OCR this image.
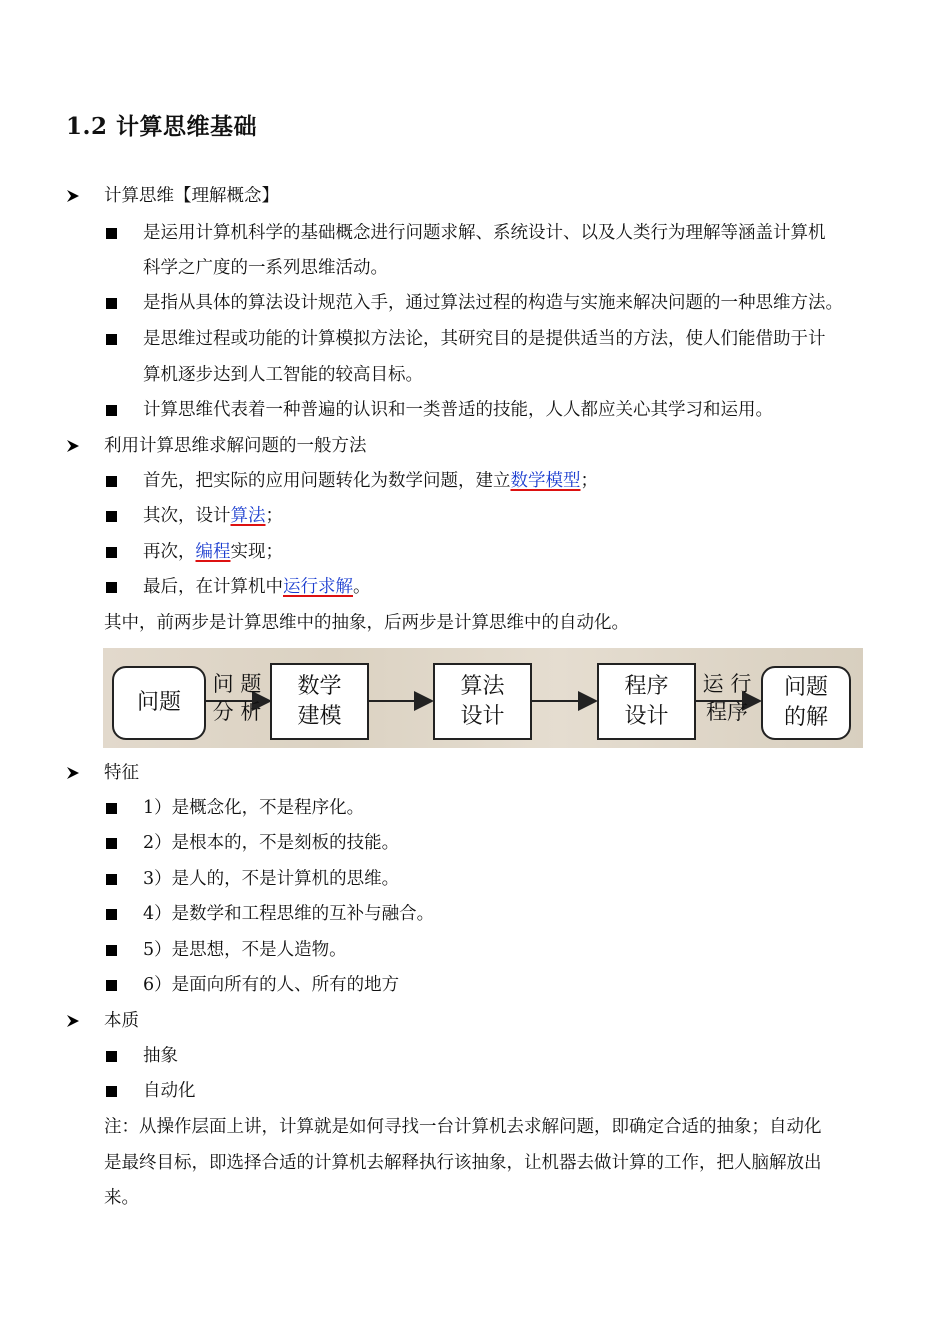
1.2 计算思维基础
计算思维【理解概念】
是运用计算机科学的基础概念进行问题求解、系统设计、以及人类行为理解等涵盖计算机
科学之广度的一系列思维活动。
是指从具体的算法设计规范入手，通过算法过程的构造与实施来解决问题的一种思维方法。
是思维过程或功能的计算模拟方法论，其研究目的是提供适当的方法，使人们能借助于计
算机逐步达到人工智能的较高目标。
计算思维代表着一种普遍的认识和一类普适的技能，人人都应关心其学习和运用。
利用计算思维求解问题的一般方法
首先，把实际的应用问题转化为数学问题，建立数学模型；
其次，设计算法；
再次，编程实现；
最后，在计算机中运行求解。
其中，前两步是计算思维中的抽象，后两步是计算思维中的自动化。
问题
问 题
分 析
数学
建模
算法
设计
程序
设计
运 行
程序
问题
的解
特征
1）是概念化，不是程序化。
2）是根本的，不是刻板的技能。
3）是人的，不是计算机的思维。
4）是数学和工程思维的互补与融合。
5）是思想，不是人造物。
6）是面向所有的人、所有的地方
本质
抽象
自动化
注：从操作层面上讲，计算就是如何寻找一台计算机去求解问题，即确定合适的抽象；自动化
是最终目标，即选择合适的计算机去解释执行该抽象，让机器去做计算的工作，把人脑解放出
来。
